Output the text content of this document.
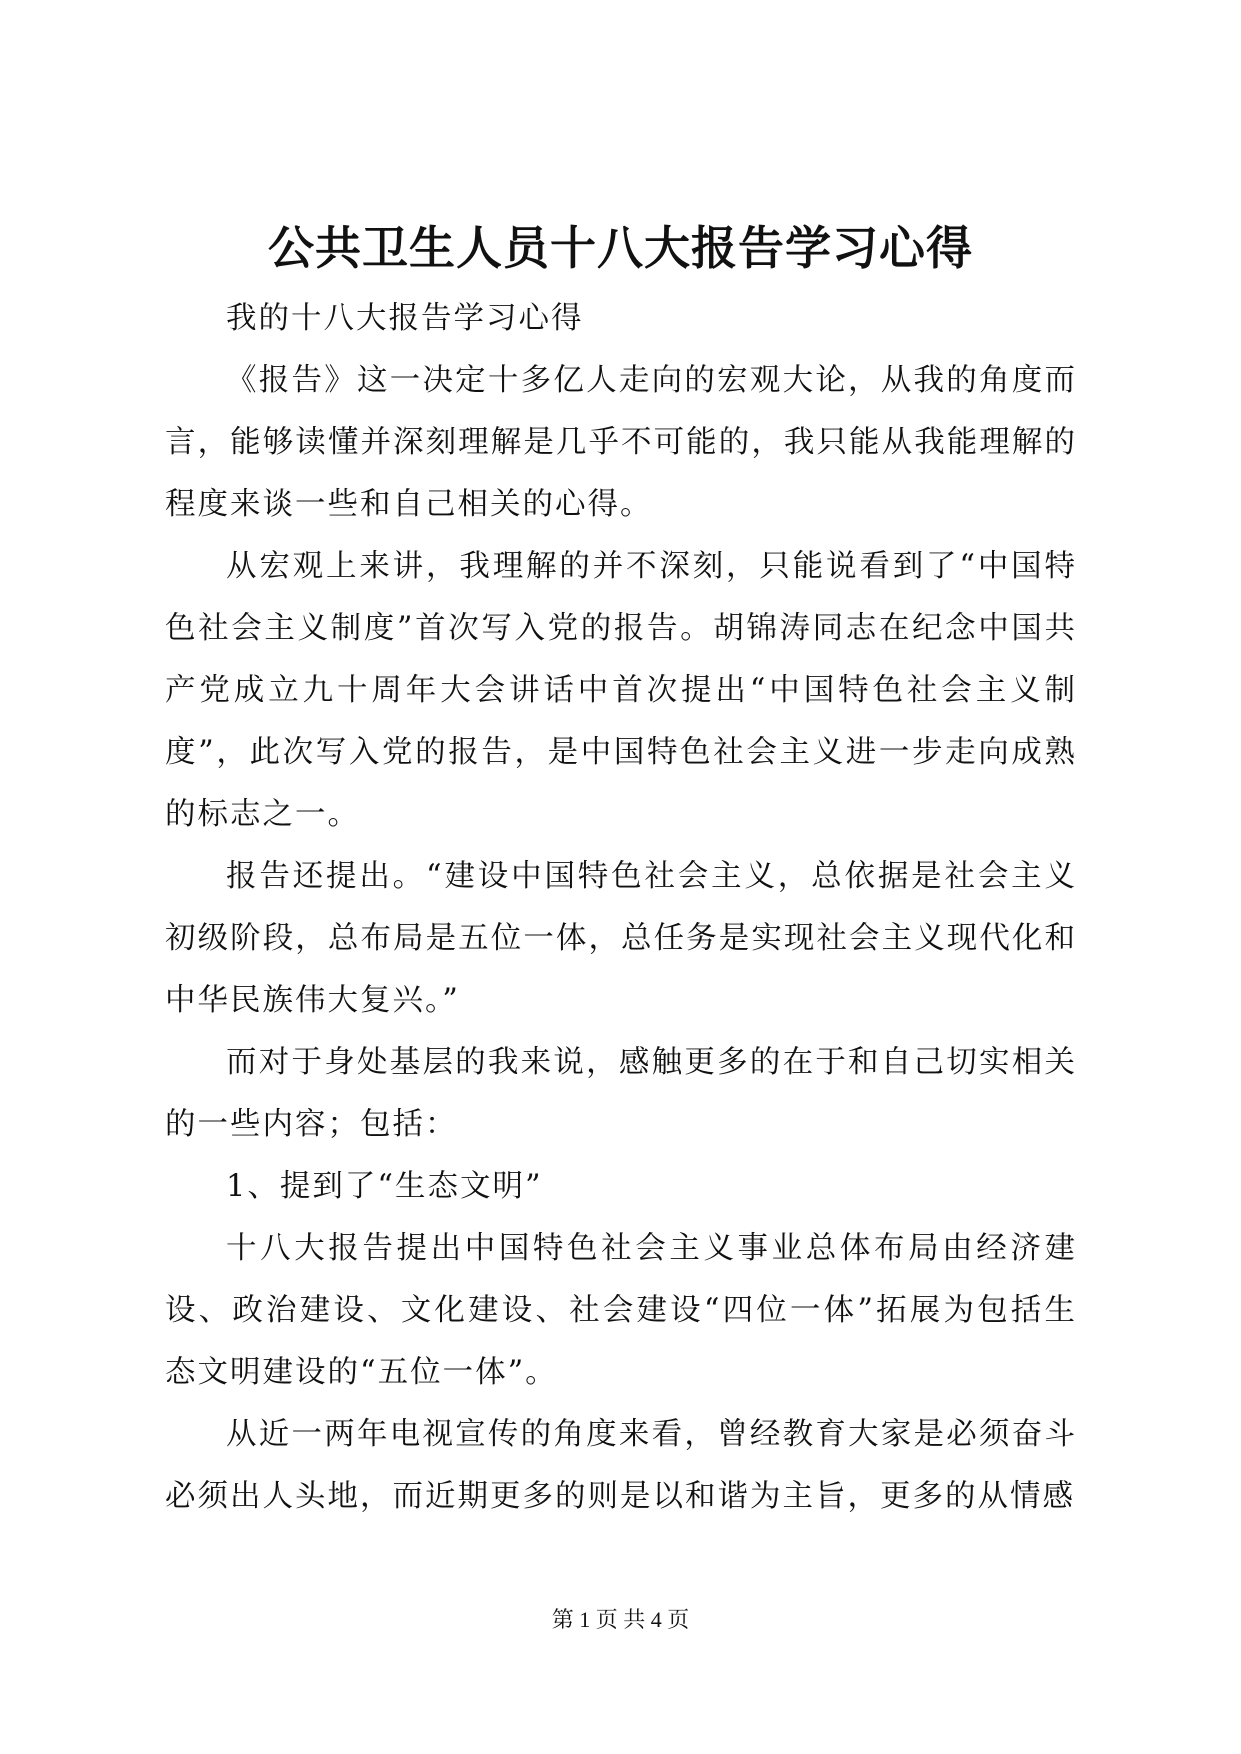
公共卫生人员十八大报告学习心得

我的十八大报告学习心得

《报告》这一决定十多亿人走向的宏观大论，从我的角度而言，能够读懂并深刻理解是几乎不可能的，我只能从我能理解的程度来谈一些和自己相关的心得。

从宏观上来讲，我理解的并不深刻，只能说看到了“中国特色社会主义制度”首次写入党的报告。胡锦涛同志在纪念中国共产党成立九十周年大会讲话中首次提出“中国特色社会主义制度”，此次写入党的报告，是中国特色社会主义进一步走向成熟的标志之一。

报告还提出。“建设中国特色社会主义，总依据是社会主义初级阶段，总布局是五位一体，总任务是实现社会主义现代化和中华民族伟大复兴。”

而对于身处基层的我来说，感触更多的在于和自己切实相关的一些内容；包括：

1、提到了“生态文明”

十八大报告提出中国特色社会主义事业总体布局由经济建设、政治建设、文化建设、社会建设“四位一体”拓展为包括生态文明建设的“五位一体”。

从近一两年电视宣传的角度来看，曾经教育大家是必须奋斗必须出人头地，而近期更多的则是以和谐为主旨，更多的从情感

第 1 页 共 4 页
